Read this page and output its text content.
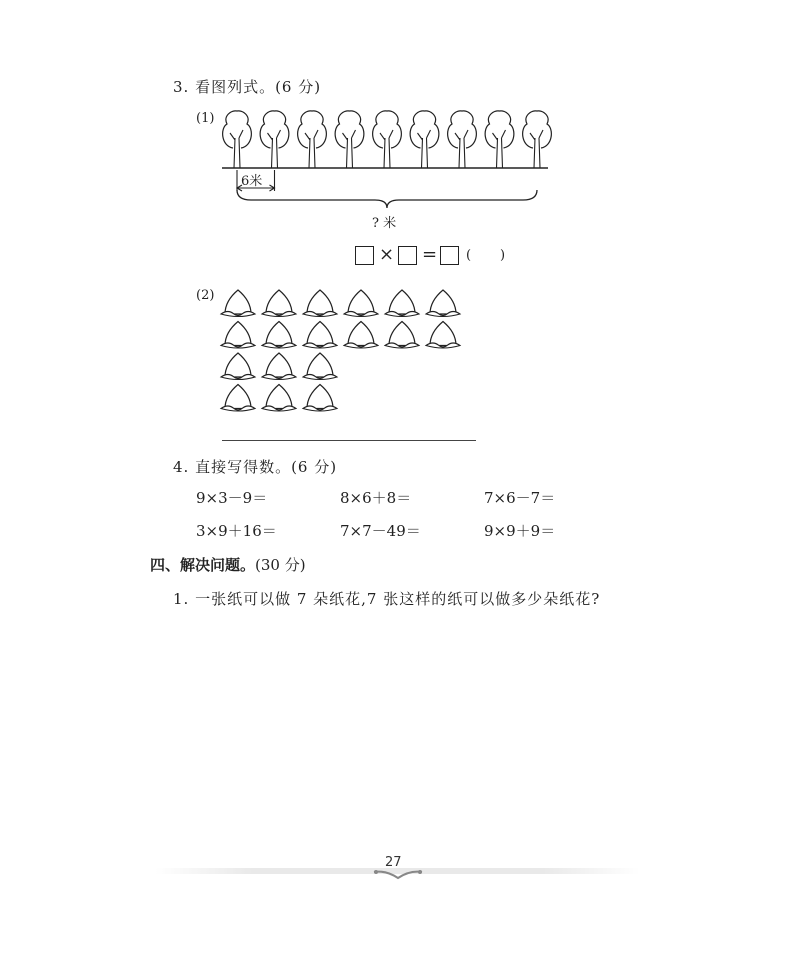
3. 看图列式。(6 分)
(1)
6米
? 米
× = (       )
(2)
4. 直接写得数。(6 分)
9×3－9＝	8×6＋8＝	7×6－7＝
3×9＋16＝	7×7－49＝	9×9＋9＝
四、解决问题。(30 分)
1. 一张纸可以做 7 朵纸花,7 张这样的纸可以做多少朵纸花?
27
